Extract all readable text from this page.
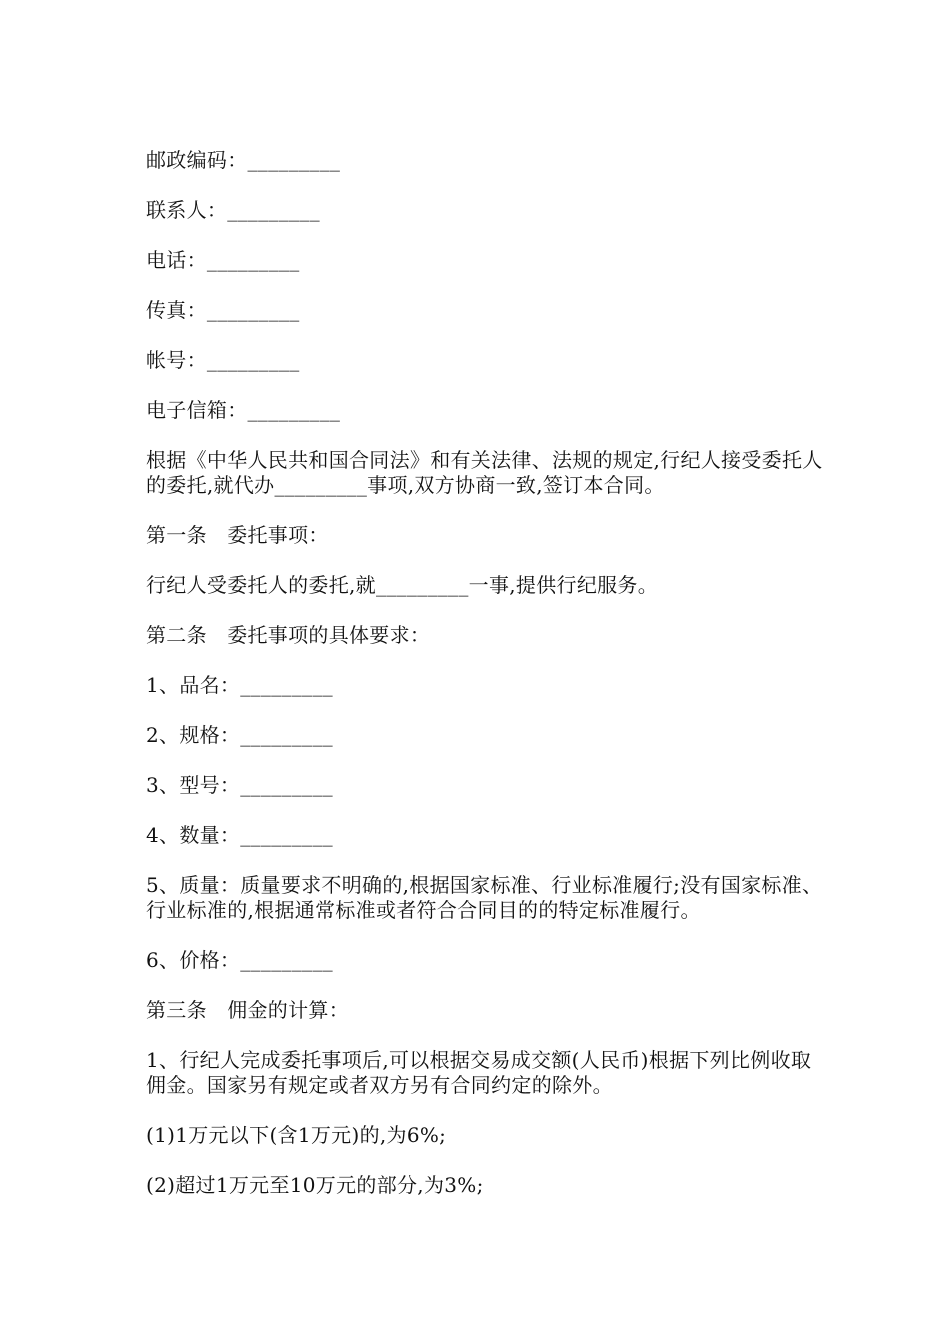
邮政编码：_________

联系人：_________

电话：_________

传真：_________

帐号：_________

电子信箱：_________

根据《中华人民共和国合同法》和有关法律、法规的规定,行纪人接受委托人的委托,就代办_________事项,双方协商一致,签订本合同。

第一条　委托事项：

行纪人受委托人的委托,就_________一事,提供行纪服务。

第二条　委托事项的具体要求：

1、品名：_________

2、规格：_________

3、型号：_________

4、数量：_________

5、质量：质量要求不明确的,根据国家标准、行业标准履行;没有国家标准、行业标准的,根据通常标准或者符合合同目的的特定标准履行。

6、价格：_________

第三条　佣金的计算：

1、行纪人完成委托事项后,可以根据交易成交额(人民币)根据下列比例收取佣金。国家另有规定或者双方另有合同约定的除外。

(1)1万元以下(含1万元)的,为6%;

(2)超过1万元至10万元的部分,为3%;
